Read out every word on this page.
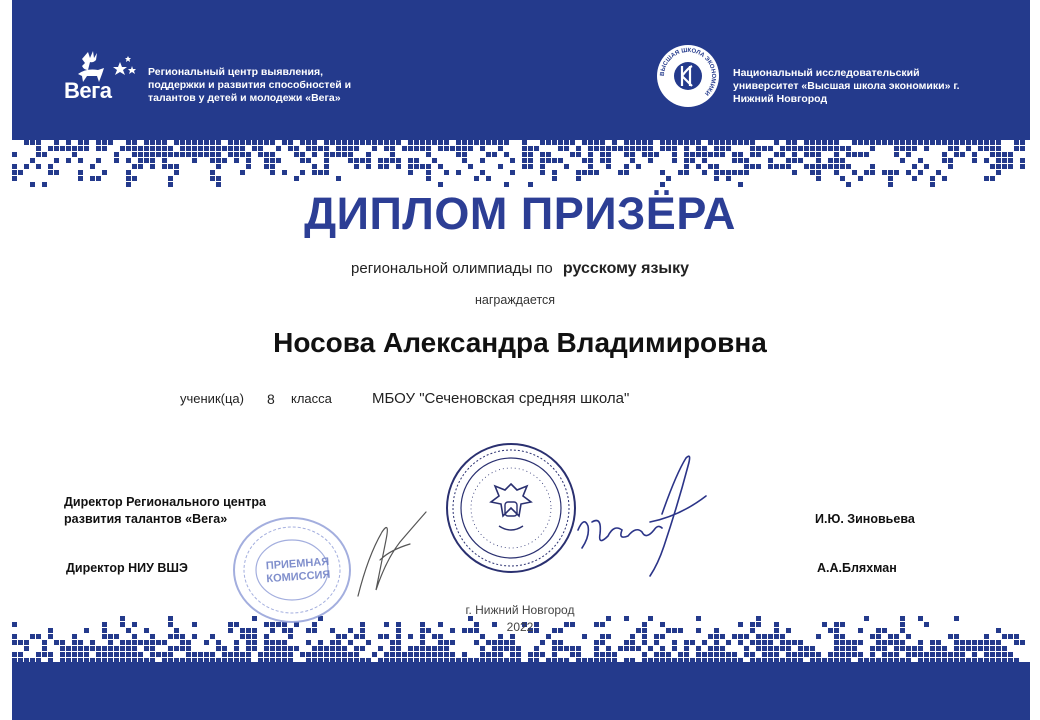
Вега
Региональный центр выявления, поддержки и развития способностей и талантов у детей и молодежи «Вега»
ВЫСШАЯ ШКОЛА ЭКОНОМИКИ
Национальный исследовательский университет «Высшая школа экономики» г. Нижний Новгород
ДИПЛОМ ПРИЗЁРА
региональной олимпиады по русскому языку
награждается
Носова Александра Владимировна
ученик(ца) 8 класса	МБОУ "Сеченовская средняя школа"
ПРИЕМНАЯ КОМИССИЯ
Директор Регионального центра развития талантов «Вега»	И.Ю. Зиновьева
Директор НИУ ВШЭ	А.А.Бляхман
г. Нижний Новгород
2022
